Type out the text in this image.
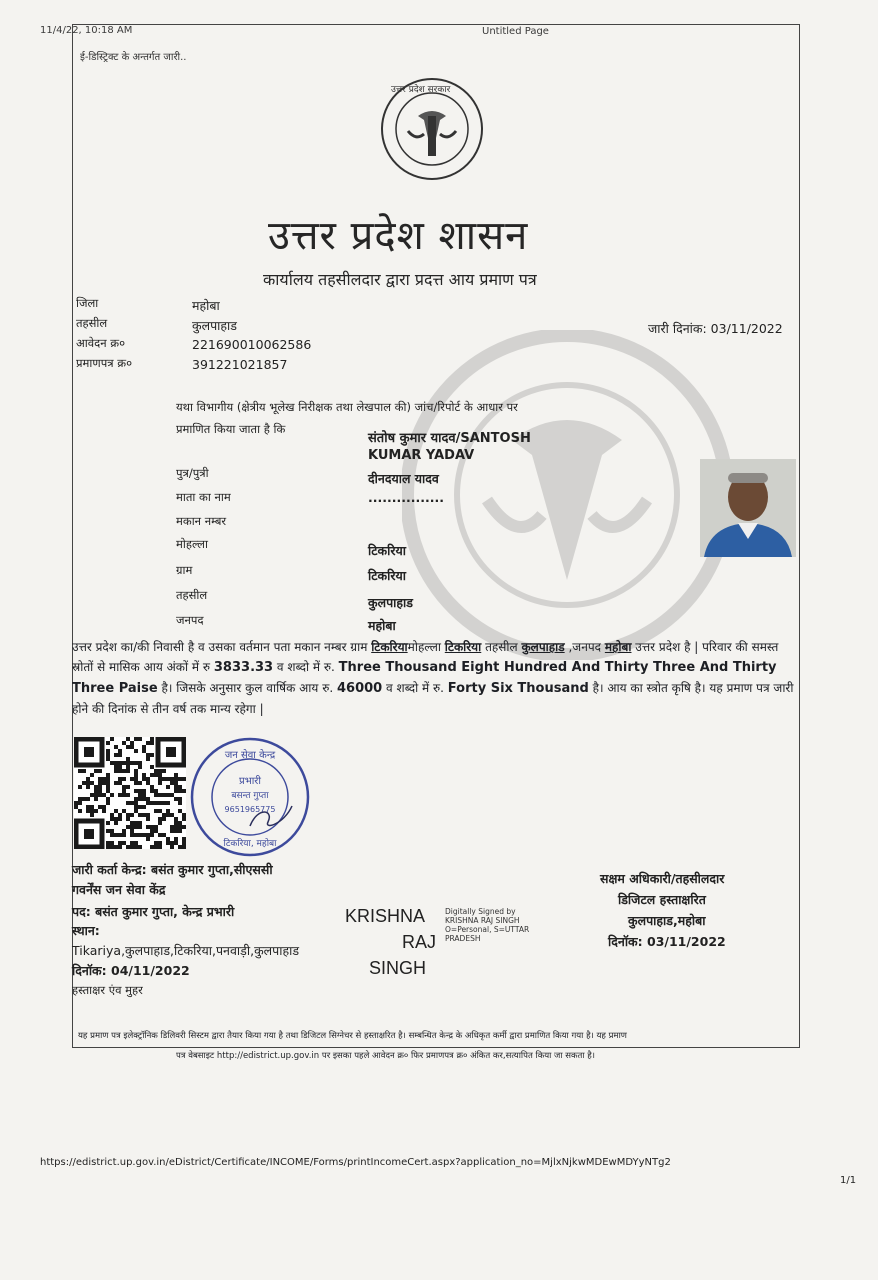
11/4/22, 10:18 AM	Untitled Page
ई-डिस्ट्रिक्ट के अन्तर्गत जारी..
उत्तर प्रदेश सरकार
उत्तर प्रदेश शासन
कार्यालय तहसीलदार द्वारा प्रदत्त आय प्रमाण पत्र
जिला	महोबा
तहसील	कुलपाहाड
आवेदन क्र०	221690010062586
प्रमाणपत्र क्र०	391221021857
जारी दिनांक: 03/11/2022
यथा विभागीय (क्षेत्रीय भूलेख निरीक्षक तथा लेखपाल की) जांच/रिपोर्ट के आधार पर
प्रमाणित किया जाता है कि
संतोष कुमार यादव/SANTOSH
KUMAR YADAV
पुत्र/पुत्री	दीनदयाल यादव
माता का नाम	................
मकान नम्बर
मोहल्ला	टिकरिया
ग्राम	टिकरिया
तहसील	कुलपाहाड
जनपद	महोबा
उत्तर प्रदेश का/की निवासी है व उसका वर्तमान पता मकान नम्बर ग्राम टिकरियामोहल्ला टिकरिया तहसील कुलपाहाड ,जनपद महोबा उत्तर प्रदेश है | परिवार की समस्त स्रोतों से मासिक आय अंकों में रु 3833.33 व शब्दो में रु. Three Thousand Eight Hundred And Thirty Three And Thirty Three Paise है। जिसके अनुसार कुल वार्षिक आय रु. 46000 व शब्दो में रु. Forty Six Thousand है। आय का स्त्रोत कृषि है। यह प्रमाण पत्र जारी होने की दिनांक से तीन वर्ष तक मान्य रहेगा |
जन सेवा केन्द्र
प्रभारी
बसन्त गुप्ता
9651965775
टिकरिया, महोबा
जारी कर्ता केन्द्र: बसंत कुमार गुप्ता,सीएससी
गवर्नेंस जन सेवा केंद्र
पद: बसंत कुमार गुप्ता, केन्द्र प्रभारी
स्थान:
Tikariya,कुलपाहाड,टिकरिया,पनवाड़ी,कुलपाहाड
दिनॉक: 04/11/2022
हस्ताक्षर एंव मुहर
KRISHNA
RAJ
SINGH
Digitally Signed by
KRISHNA RAJ SINGH
O=Personal, S=UTTAR
PRADESH
सक्षम अधिकारी/तहसीलदार
डिजिटल हस्ताक्षरित
कुलपाहाड,महोबा
दिनॉक: 03/11/2022
यह प्रमाण पत्र इलेक्ट्रॉनिक डिलिवरी सिस्टम द्वारा तैयार किया गया है तथा डिजिटल सिग्नेचर से हस्ताक्षरित है। सम्बन्धित केन्द्र के अधिकृत कर्मी द्वारा प्रमाणित किया गया है। यह प्रमाण
पत्र वेबसाइट http://edistrict.up.gov.in पर इसका पहले आवेदन क्र० फिर प्रमाणपत्र क्र० अंकित कर,सत्यापित किया जा सकता है।
https://edistrict.up.gov.in/eDistrict/Certificate/INCOME/Forms/printIncomeCert.aspx?application_no=MjlxNjkwMDEwMDYyNTg2
1/1
